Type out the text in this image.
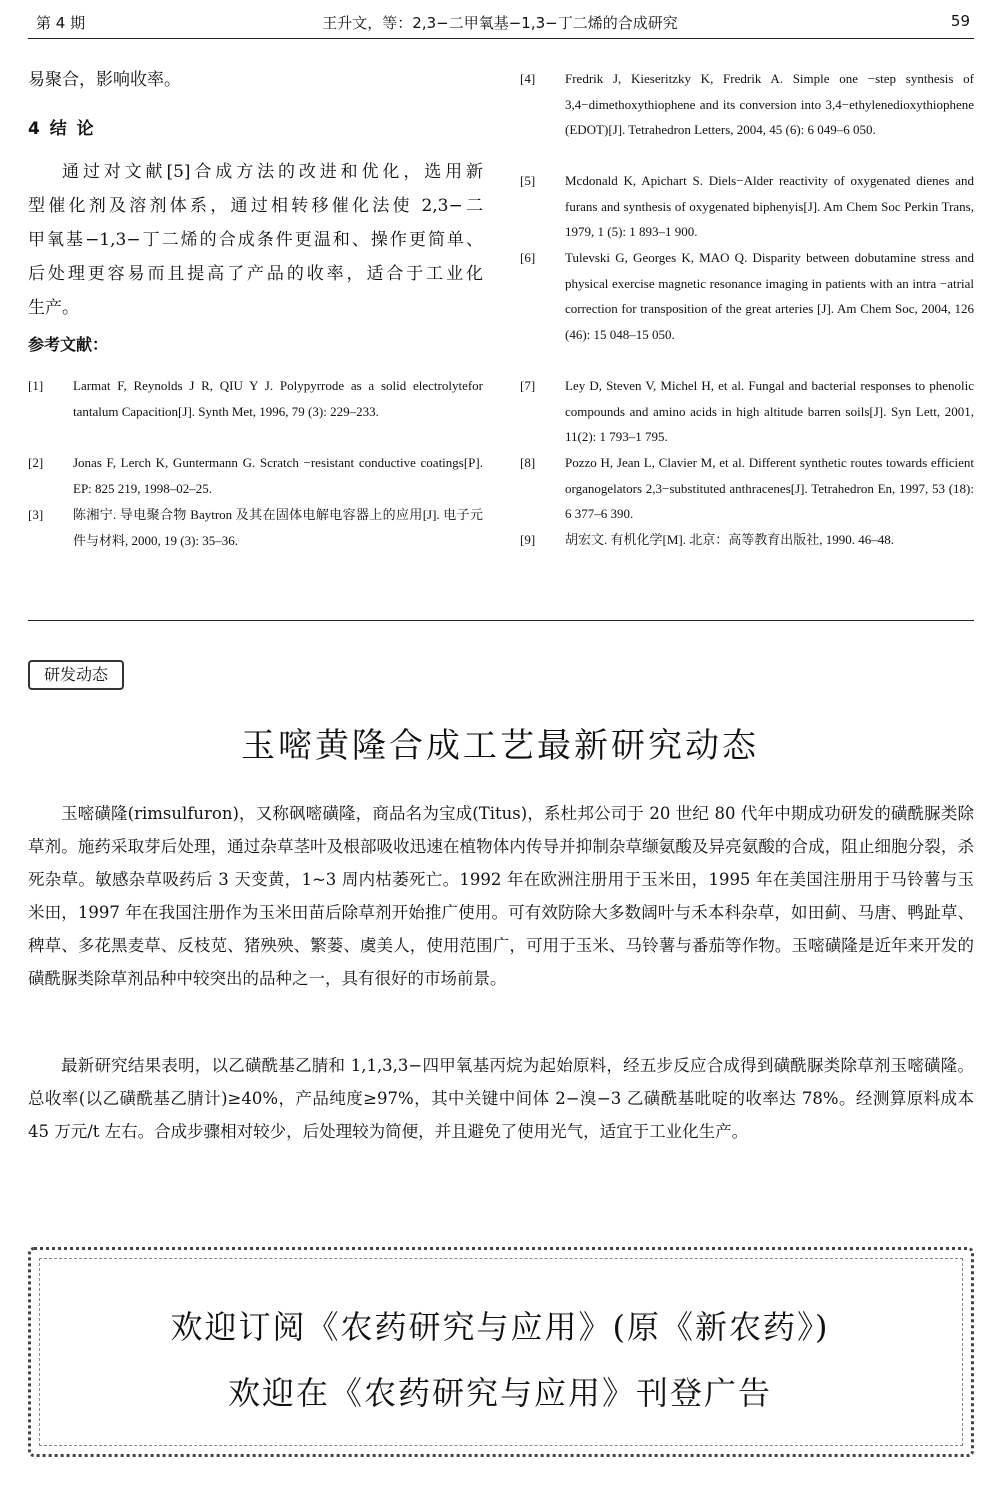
第 4 期	王升文，等：2,3−二甲氧基−1,3−丁二烯的合成研究	59
易聚合，影响收率。
4 结 论
通过对文献[5]合成方法的改进和优化，选用新
型催化剂及溶剂体系，通过相转移催化法使 2,3−二
甲氧基−1,3−丁二烯的合成条件更温和、操作更简单、
后处理更容易而且提高了产品的收率，适合于工业化
生产。
参考文献：
[1] Larmat F, Reynolds J R, QIU Y J. Polypyrrode as a solid electrolytefor tantalum Capacition[J]. Synth Met, 1996, 79 (3): 229–233.
[2] Jonas F, Lerch K, Guntermann G. Scratch −resistant conductive coatings[P]. EP: 825 219, 1998–02–25.
[3] 陈湘宁. 导电聚合物 Baytron 及其在固体电解电容器上的应用[J]. 电子元件与材料, 2000, 19 (3): 35–36.
[4] Fredrik J, Kieseritzky K, Fredrik A. Simple one −step synthesis of 3,4−dimethoxythiophene and its conversion into 3,4−ethylenedioxythiophene (EDOT)[J]. Tetrahedron Letters, 2004, 45 (6): 6 049–6 050.
[5] Mcdonald K, Apichart S. Diels−Alder reactivity of oxygenated dienes and furans and synthesis of oxygenated biphenyis[J]. Am Chem Soc Perkin Trans, 1979, 1 (5): 1 893–1 900.
[6] Tulevski G, Georges K, MAO Q. Disparity between dobutamine stress and physical exercise magnetic resonance imaging in patients with an intra −atrial correction for transposition of the great arteries [J]. Am Chem Soc, 2004, 126 (46): 15 048–15 050.
[7] Ley D, Steven V, Michel H, et al. Fungal and bacterial responses to phenolic compounds and amino acids in high altitude barren soils[J]. Syn Lett, 2001, 11(2): 1 793–1 795.
[8] Pozzo H, Jean L, Clavier M, et al. Different synthetic routes towards efficient organogelators 2,3−substituted anthracenes[J]. Tetrahedron En, 1997, 53 (18): 6 377–6 390.
[9] 胡宏文. 有机化学[M]. 北京：高等教育出版社, 1990. 46–48.
研发动态
玉嘧黄隆合成工艺最新研究动态
玉嘧磺隆(rimsulfuron)，又称砜嘧磺隆，商品名为宝成(Titus)，系杜邦公司于 20 世纪 80 代年中期成功研发的磺酰脲类除草剂。施药采取芽后处理，通过杂草茎叶及根部吸收迅速在植物体内传导并抑制杂草缬氨酸及异亮氨酸的合成，阻止细胞分裂，杀死杂草。敏感杂草吸药后 3 天变黄，1~3 周内枯萎死亡。1992 年在欧洲注册用于玉米田，1995 年在美国注册用于马铃薯与玉米田，1997 年在我国注册作为玉米田苗后除草剂开始推广使用。可有效防除大多数阔叶与禾本科杂草，如田蓟、马唐、鸭趾草、稗草、多花黑麦草、反枝苋、猪殃殃、繁蒌、虞美人，使用范围广，可用于玉米、马铃薯与番茄等作物。玉嘧磺隆是近年来开发的磺酰脲类除草剂品种中较突出的品种之一，具有很好的市场前景。
最新研究结果表明，以乙磺酰基乙腈和 1,1,3,3−四甲氧基丙烷为起始原料，经五步反应合成得到磺酰脲类除草剂玉嘧磺隆。总收率(以乙磺酰基乙腈计)≥40%，产品纯度≥97%，其中关键中间体 2−溴−3 乙磺酰基吡啶的收率达 78%。经测算原料成本 45 万元/t 左右。合成步骤相对较少，后处理较为简便，并且避免了使用光气，适宜于工业化生产。
欢迎订阅《农药研究与应用》(原《新农药》)
欢迎在《农药研究与应用》刊登广告
